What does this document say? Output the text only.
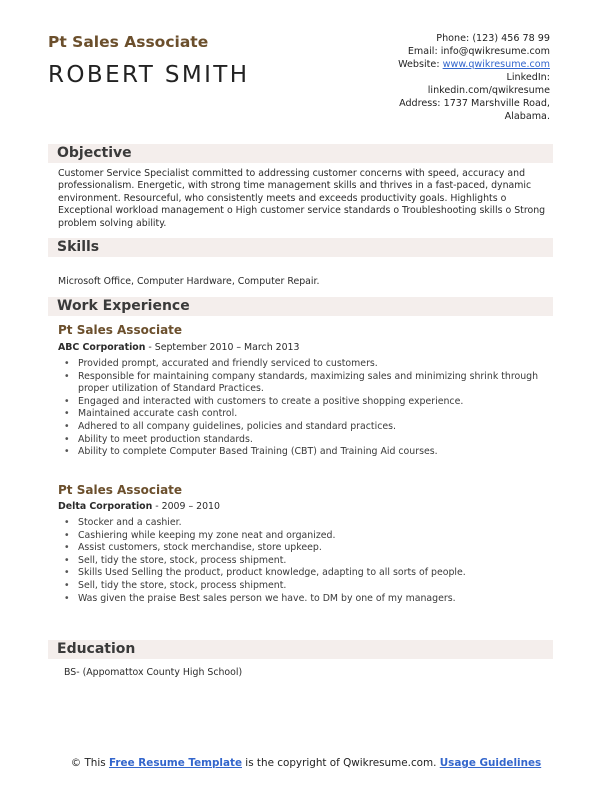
Pt Sales Associate
ROBERT SMITH
Phone: (123) 456 78 99
Email: info@qwikresume.com
Website: www.qwikresume.com
LinkedIn:
linkedin.com/qwikresume
Address: 1737 Marshville Road,
Alabama.
Objective
Customer Service Specialist committed to addressing customer concerns with speed, accuracy and professionalism. Energetic, with strong time management skills and thrives in a fast-paced, dynamic environment. Resourceful, who consistently meets and exceeds productivity goals. Highlights o Exceptional workload management o High customer service standards o Troubleshooting skills o Strong problem solving ability.
Skills
Microsoft Office, Computer Hardware, Computer Repair.
Work Experience
Pt Sales Associate
ABC Corporation - September 2010 – March 2013
• Provided prompt, accurated and friendly serviced to customers.
• Responsible for maintaining company standards, maximizing sales and minimizing shrink through proper utilization of Standard Practices.
• Engaged and interacted with customers to create a positive shopping experience.
• Maintained accurate cash control.
• Adhered to all company guidelines, policies and standard practices.
• Ability to meet production standards.
• Ability to complete Computer Based Training (CBT) and Training Aid courses.
Pt Sales Associate
Delta Corporation - 2009 – 2010
• Stocker and a cashier.
• Cashiering while keeping my zone neat and organized.
• Assist customers, stock merchandise, store upkeep.
• Sell, tidy the store, stock, process shipment.
• Skills Used Selling the product, product knowledge, adapting to all sorts of people.
• Sell, tidy the store, stock, process shipment.
• Was given the praise Best sales person we have. to DM by one of my managers.
Education
BS- (Appomattox County High School)
© This Free Resume Template is the copyright of Qwikresume.com. Usage Guidelines
